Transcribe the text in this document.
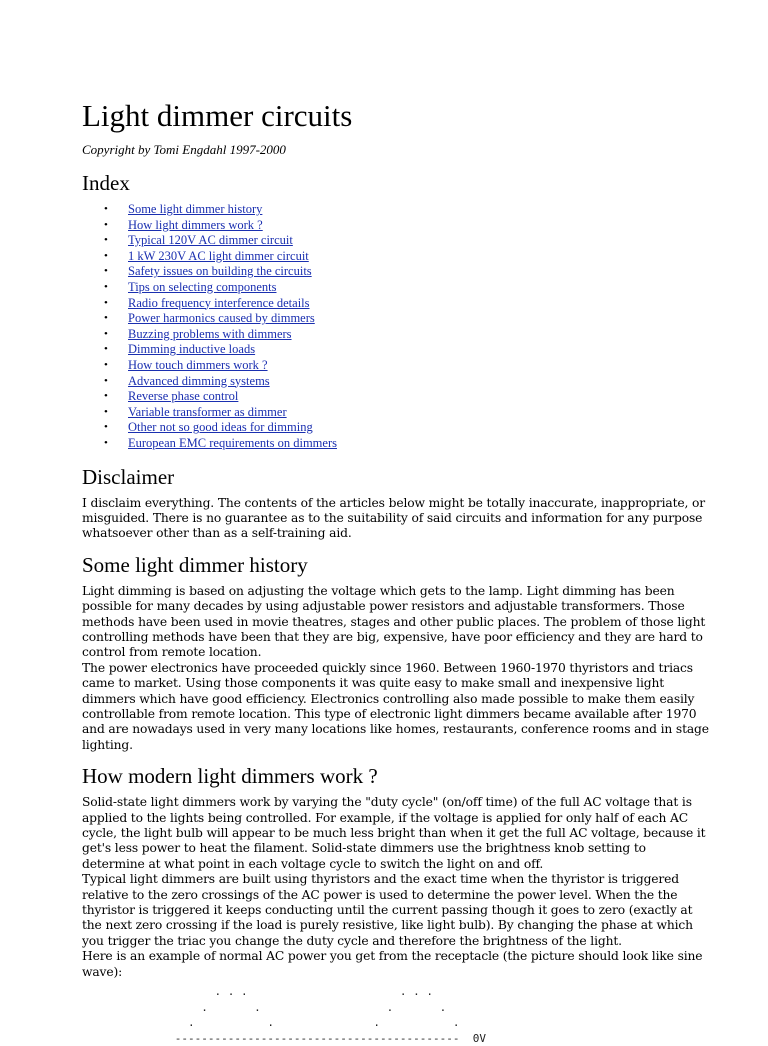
Light dimmer circuits

Copyright by Tomi Engdahl 1997-2000

Index
• Some light dimmer history
• How light dimmers work ?
• Typical 120V AC dimmer circuit
• 1 kW 230V AC light dimmer circuit
• Safety issues on building the circuits
• Tips on selecting components
• Radio frequency interference details
• Power harmonics caused by dimmers
• Buzzing problems with dimmers
• Dimming inductive loads
• How touch dimmers work ?
• Advanced dimming systems
• Reverse phase control
• Variable transformer as dimmer
• Other not so good ideas for dimming
• European EMC requirements on dimmers
Disclaimer

I disclaim everything. The contents of the articles below might be totally inaccurate, inappropriate, or misguided. There is no guarantee as to the suitability of said circuits and information for any purpose whatsoever other than as a self-training aid.

Some light dimmer history

Light dimming is based on adjusting the voltage which gets to the lamp. Light dimming has been possible for many decades by using adjustable power resistors and adjustable transformers. Those methods have been used in movie theatres, stages and other public places. The problem of those light controlling methods have been that they are big, expensive, have poor efficiency and they are hard to control from remote location.

The power electronics have proceeded quickly since 1960. Between 1960-1970 thyristors and triacs came to market. Using those components it was quite easy to make small and inexpensive light dimmers which have good efficiency. Electronics controlling also made possible to make them easily controllable from remote location. This type of electronic light dimmers became available after 1970 and are nowadays used in very many locations like homes, restaurants, conference rooms and in stage lighting.

How modern light dimmers work ?

Solid-state light dimmers work by varying the "duty cycle" (on/off time) of the full AC voltage that is applied to the lights being controlled. For example, if the voltage is applied for only half of each AC cycle, the light bulb will appear to be much less bright than when it get the full AC voltage, because it get's less power to heat the filament. Solid-state dimmers use the brightness knob setting to determine at what point in each voltage cycle to switch the light on and off.

Typical light dimmers are built using thyristors and the exact time when the thyristor is triggered relative to the zero crossings of the AC power is used to determine the power level. When the the thyristor is triggered it keeps conducting until the current passing though it goes to zero (exactly at the next zero crossing if the load is purely resistive, like light bulb). By changing the phase at which you trigger the triac you change the duty cycle and therefore the brightness of the light.

Here is an example of normal AC power you get from the receptacle (the picture should look like sine wave):

. . .                       . . .
.       .                   .       .
.           .               .           .
-------------------------------------------  0V
